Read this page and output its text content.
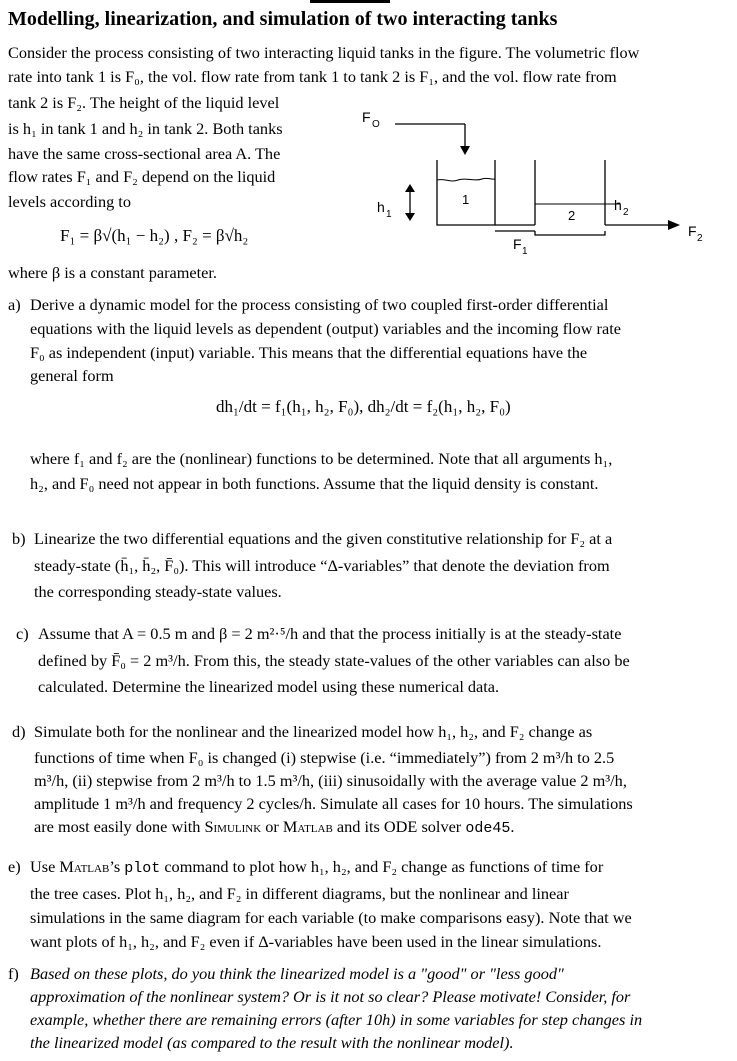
Modelling, linearization, and simulation of two interacting tanks
Consider the process consisting of two interacting liquid tanks in the figure. The volumetric flow
rate into tank 1 is F₀, the vol. flow rate from tank 1 to tank 2 is F₁, and the vol. flow rate from
tank 2 is F₂. The height of the liquid level
is h₁ in tank 1 and h₂ in tank 2. Both tanks
have the same cross-sectional area A. The
flow rates F₁ and F₂ depend on the liquid
levels according to
F₁ = β√(h₁ − h₂) , F₂ = β√h₂
where β is a constant parameter.
F O
1
2
h 2
F 2
h 1
F 1
a) Derive a dynamic model for the process consisting of two coupled first-order differential
equations with the liquid levels as dependent (output) variables and the incoming flow rate
F₀ as independent (input) variable. This means that the differential equations have the
general form
dh₁/dt = f₁(h₁, h₂, F₀), dh₂/dt = f₂(h₁, h₂, F₀)
where f₁ and f₂ are the (nonlinear) functions to be determined. Note that all arguments h₁,
h₂, and F₀ need not appear in both functions. Assume that the liquid density is constant.
b) Linearize the two differential equations and the given constitutive relationship for F₂ at a
steady-state (h̄₁, h̄₂, F̄₀). This will introduce “Δ-variables” that denote the deviation from
the corresponding steady-state values.
c) Assume that A = 0.5 m and β = 2 m²·⁵/h and that the process initially is at the steady-state
defined by F̄₀ = 2 m³/h. From this, the steady state-values of the other variables can also be
calculated. Determine the linearized model using these numerical data.
d) Simulate both for the nonlinear and the linearized model how h₁, h₂, and F₂ change as
functions of time when F₀ is changed (i) stepwise (i.e. “immediately”) from 2 m³/h to 2.5
m³/h, (ii) stepwise from 2 m³/h to 1.5 m³/h, (iii) sinusoidally with the average value 2 m³/h,
amplitude 1 m³/h and frequency 2 cycles/h. Simulate all cases for 10 hours. The simulations
are most easily done with Simulink or Matlab and its ODE solver ode45.
e) Use Matlab’s plot command to plot how h₁, h₂, and F₂ change as functions of time for
the tree cases. Plot h₁, h₂, and F₂ in different diagrams, but the nonlinear and linear
simulations in the same diagram for each variable (to make comparisons easy). Note that we
want plots of h₁, h₂, and F₂ even if Δ-variables have been used in the linear simulations.
f) Based on these plots, do you think the linearized model is a "good" or "less good"
approximation of the nonlinear system? Or is it not so clear? Please motivate! Consider, for
example, whether there are remaining errors (after 10h) in some variables for step changes in
the linearized model (as compared to the result with the nonlinear model).
